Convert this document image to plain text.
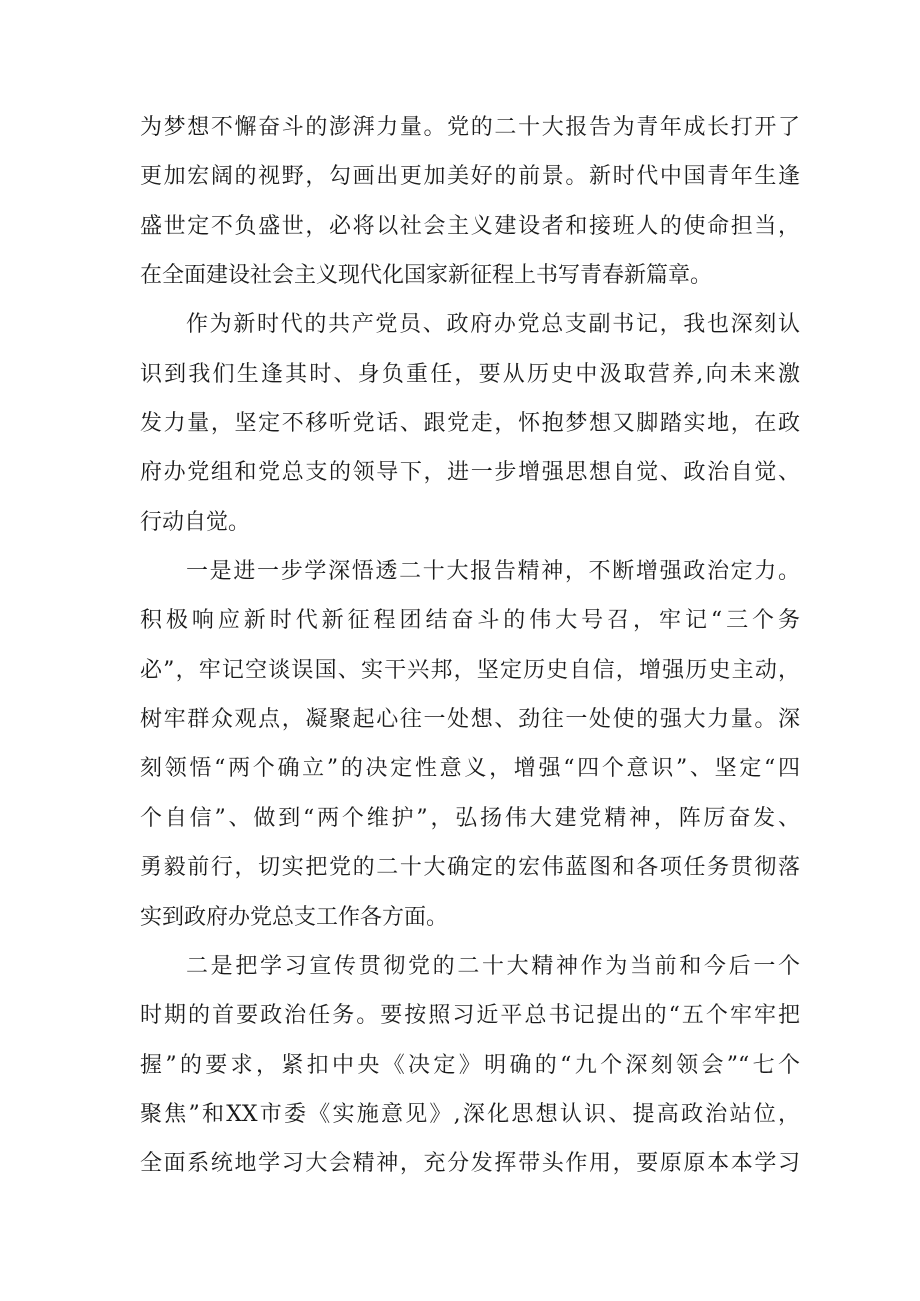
为梦想不懈奋斗的澎湃力量。党的二十大报告为青年成长打开了
更加宏阔的视野，勾画出更加美好的前景。新时代中国青年生逢
盛世定不负盛世，必将以社会主义建设者和接班人的使命担当，
在全面建设社会主义现代化国家新征程上书写青春新篇章。
作为新时代的共产党员、政府办党总支副书记，我也深刻认
识到我们生逢其时、身负重任，要从历史中汲取营养,向未来激
发力量，坚定不移听党话、跟党走，怀抱梦想又脚踏实地，在政
府办党组和党总支的领导下，进一步增强思想自觉、政治自觉、
行动自觉。
一是进一步学深悟透二十大报告精神，不断增强政治定力。
积极响应新时代新征程团结奋斗的伟大号召，牢记“三个务
必”，牢记空谈误国、实干兴邦，坚定历史自信，增强历史主动，
树牢群众观点，凝聚起心往一处想、劲往一处使的强大力量。深
刻领悟“两个确立”的决定性意义，增强“四个意识”、坚定“四
个自信”、做到“两个维护”，弘扬伟大建党精神，阵厉奋发、
勇毅前行，切实把党的二十大确定的宏伟蓝图和各项任务贯彻落
实到政府办党总支工作各方面。
二是把学习宣传贯彻党的二十大精神作为当前和今后一个
时期的首要政治任务。要按照习近平总书记提出的“五个牢牢把
握”的要求，紧扣中央《决定》明确的“九个深刻领会”“七个
聚焦”和XX市委《实施意见》,深化思想认识、提高政治站位，
全面系统地学习大会精神，充分发挥带头作用，要原原本本学习
